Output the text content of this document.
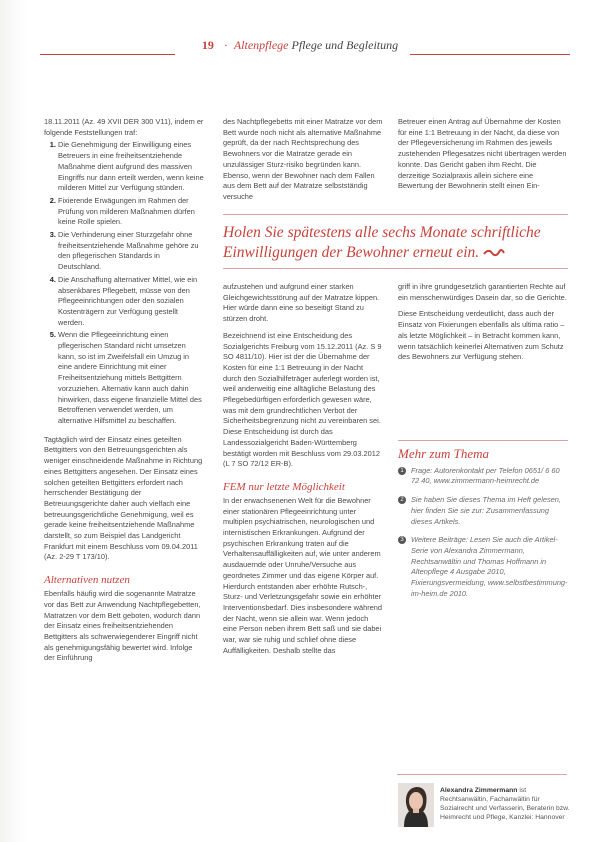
19 · Altenpflege Pflege und Begleitung

18.11.2011 (Az. 49 XVII DER 300 V11), indem er folgende Feststellungen traf:

1. Die Genehmigung der Einwilligung eines Betreuers in eine freiheitsentziehende Maßnahme dient aufgrund des massiven Eingriffs nur dann erteilt werden, wenn keine milderen Mittel zur Verfügung stünden.
2. Fixierende Erwägungen im Rahmen der Prüfung von milderen Maßnahmen dürfen keine Rolle spielen.
3. Die Verhinderung einer Sturzgefahr ohne freiheitsentziehende Maßnahme gehöre zu den pflegerischen Standards in Deutschland.
4. Die Anschaffung alternativer Mittel, wie ein absenkbares Pflegebett, müsse von den Pflegeeinrichtungen oder den sozialen Kostenträgern zur Verfügung gestellt werden.
5. Wenn die Pflegeeinrichtung einen pflegerischen Standard nicht umsetzen kann, so ist im Zweifelsfall ein Umzug in eine andere Einrichtung mit einer Freiheitsentziehung mittels Bettgittern vorzuziehen. Alternativ kann auch dahin hinwirken, dass eigene finanzielle Mittel des Betroffenen verwendet werden, um alternative Hilfsmittel zu beschaffen.

Tagtäglich wird der Einsatz eines geteilten Bettgitters von den Betreuungsgerichten als weniger einschneidende Maßnahme in Richtung eines Bettgitters angesehen. Der Einsatz eines solchen geteilten Bettgitters erfordert nach herrschender Bestätigung der Betreuungsgerichte daher auch vielfach eine betreuungsgerichtliche Genehmigung, weil es gerade keine freiheitsentziehende Maßnahme darstellt, so zum Beispiel das Landgericht Frankfurt mit einem Beschluss vom 09.04.2011 (Az. 2-29 T 173/10).

Alternativen nutzen

Ebenfalls häufig wird die sogenannte Matratze vor das Bett zur Anwendung Nachtpflegebetten, Matratzen vor dem Bett geboten, wodurch dann der Einsatz eines freiheitsentziehenden Bettgitters als schwerwiegenderer Eingriff nicht als genehmigungsfähig bewertet wird. Infolge der Einführung

des Nachtpflegebetts mit einer Matratze vor dem Bett wurde noch nicht als alternative Maßnahme geprüft, da der nach Rechtsprechung des Bewohners vor die Matratze gerade ein unzulässiger Sturz-risiko begründen kann. Ebenso, wenn der Bewohner nach dem Fallen aus dem Bett auf der Matratze selbstständig versuche

Betreuer einen Antrag auf Übernahme der Kosten für eine 1:1 Betreuung in der Nacht, da diese von der Pflegeversicherung im Rahmen des jeweils zustehenden Pflegesatzes nicht übertragen werden konnte. Das Gericht gaben ihm Recht. Die derzeitige Sozialpraxis allein sichere eine Bewertung der Bewohnerin stellt einen Ein-

Holen Sie spätestens alle sechs Monate schriftliche Einwilligungen der Bewohner erneut ein.

aufzustehen und aufgrund einer starken Gleichgewichtsstörung auf der Matratze kippen. Hier würde dann eine so beseitigt Stand zu stürzen droht.

Bezeichnend ist eine Entscheidung des Sozialgerichts Freiburg vom 15.12.2011 (Az. S 9 SO 4811/10). Hier ist der die Übernahme der Kosten für eine 1:1 Betreuung in der Nacht durch den Sozialhilfeträger auferlegt worden ist, weil anderweitig eine alltägliche Belastung des Pflegebedürftigen erforderlich gewesen wäre, was mit dem grundrechtlichen Verbot der Sicherheitsbegrenzung nicht zu vereinbaren sei. Diese Entscheidung ist durch das Landessozialgericht Baden-Württemberg bestätigt worden mit Beschluss vom 29.03.2012 (L 7 SO 72/12 ER-B).

FEM nur letzte Möglichkeit

In der erwachsenenen Welt für die Bewohner einer stationären Pflegeeinrichtung unter multiplen psychiatrischen, neurologischen und internistischen Erkrankungen. Aufgrund der psychischen Erkrankung traten auf die Verhaltensauffälligkeiten auf, wie unter anderem ausdauernde oder Unruhe/Versuche aus geordnetes Zimmer und das eigene Körper auf. Hierdurch entstanden aber erhöhte Rutsch-, Sturz- und Verletzungsgefahr sowie ein erhöhter Interventionsbedarf. Dies insbesondere während der Nacht, wenn sie allein war. Wenn jedoch eine Person neben ihrem Bett saß und sie dabei war, war sie ruhig und schlief ohne diese Auffälligkeiten. Deshalb stellte das

griff in ihre grundgesetzlich garantierten Rechte auf ein menschenwürdiges Dasein dar, so die Gerichte.

Diese Entscheidung verdeutlicht, dass auch der Einsatz von Fixierungen ebenfalls als ultima ratio – als letzte Möglichkeit – in Betracht kommen kann, wenn tatsächlich keinerlei Alternativen zum Schutz des Bewohners zur Verfügung stehen.

Mehr zum Thema
1 Frage: Autorenkontakt per Telefon 0651/ 6 60 72 40, www.zimmermann-heimrecht.de
2 Sie haben Sie dieses Thema im Heft gelesen, hier finden Sie sie zur: Zusammenfassung dieses Artikels.
3 Weitere Beiträge: Lesen Sie auch die Artikel-Serie von Alexandra Zimmermann, Rechtsanwältin und Thomas Hoffmann in Altenpflege 4 Ausgabe 2010, Fixierungsvermeidung, www.selbstbestimmung-im-heim.de 2010.
Alexandra Zimmermann ist Rechtsanwältin, Fachanwältin für Sozialrecht und Verfasserin, Beraterin bzw. Heimrecht und Pflege, Kanzlei: Hannover
